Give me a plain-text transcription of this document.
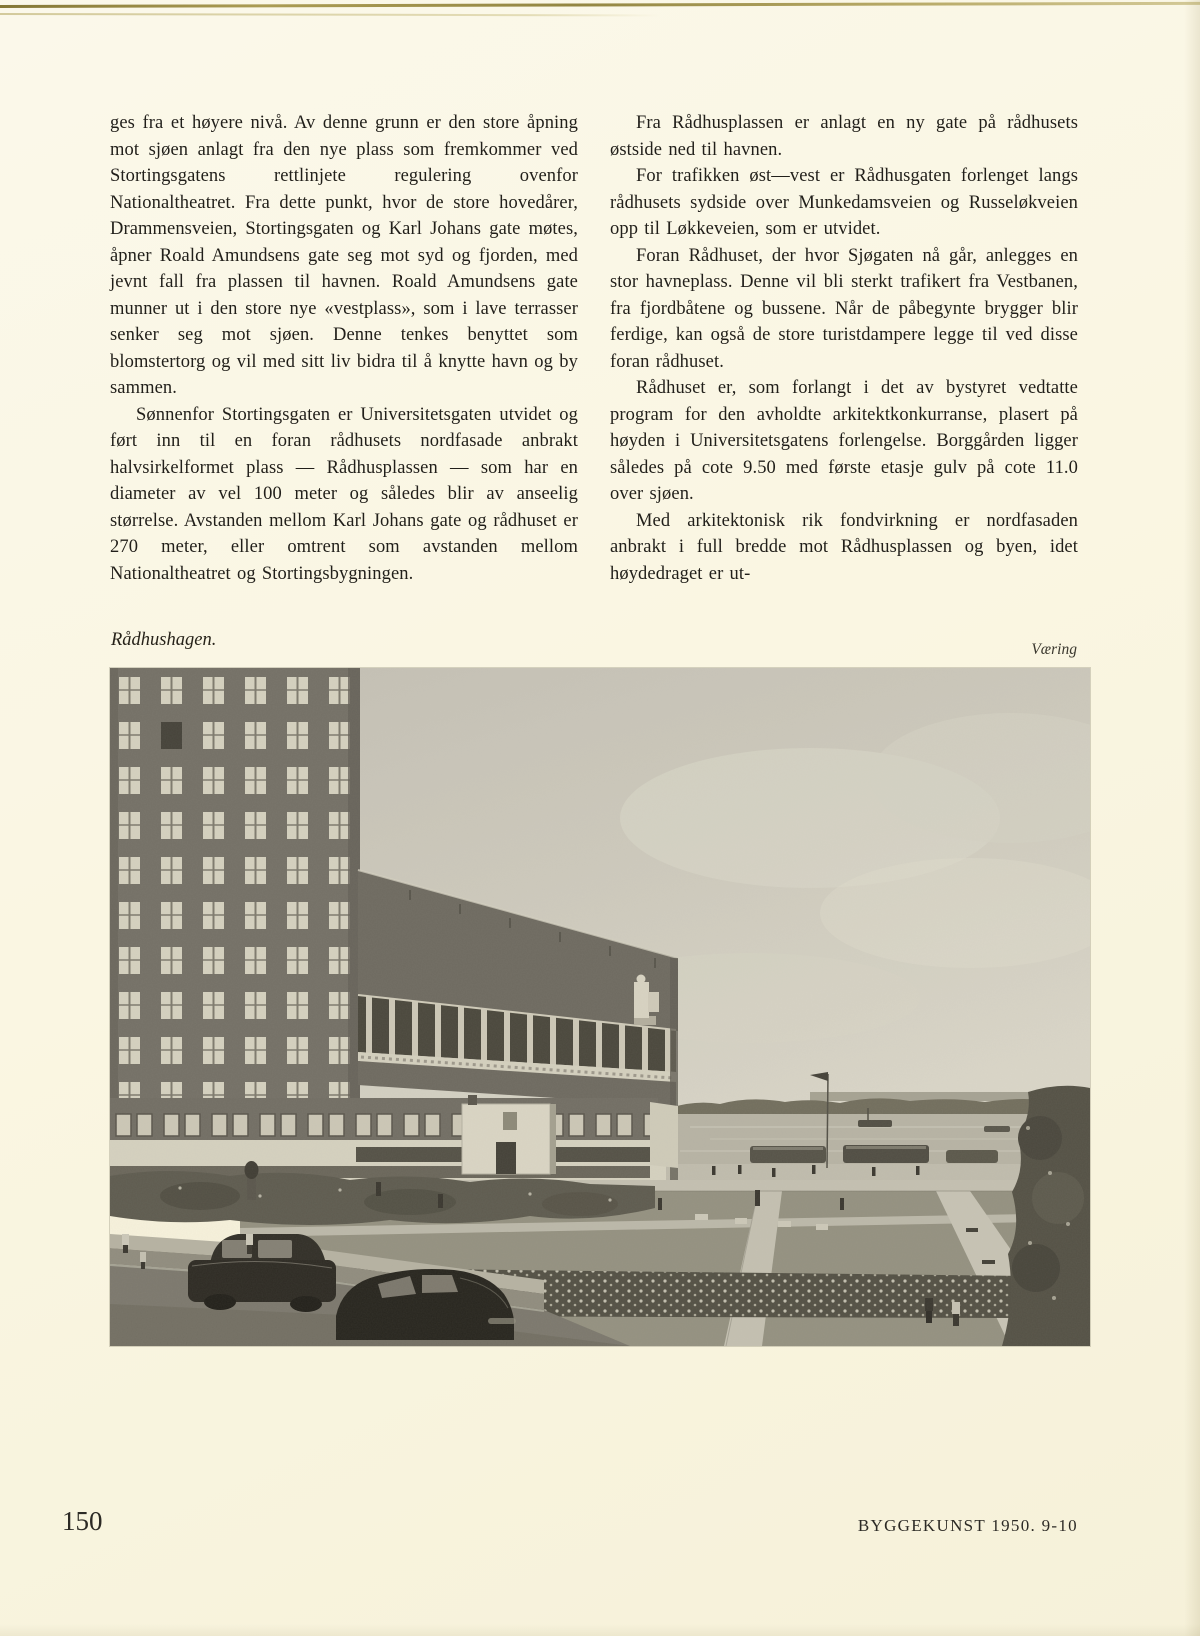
ges fra et høyere nivå. Av denne grunn er den store åpning mot sjøen anlagt fra den nye plass som fremkommer ved Stortingsgatens rettlinjete regulering ovenfor Nationaltheatret. Fra dette punkt, hvor de store hovedårer, Drammensveien, Stortingsgaten og Karl Johans gate møtes, åpner Roald Amundsens gate seg mot syd og fjorden, med jevnt fall fra plassen til havnen. Roald Amundsens gate munner ut i den store nye «vestplass», som i lave terrasser senker seg mot sjøen. Denne tenkes benyttet som blomstertorg og vil med sitt liv bidra til å knytte havn og by sammen.

Sønnenfor Stortingsgaten er Universitetsgaten utvidet og ført inn til en foran rådhusets nordfasade anbrakt halvsirkelformet plass — Rådhusplassen — som har en diameter av vel 100 meter og således blir av anseelig størrelse. Avstanden mellom Karl Johans gate og rådhuset er 270 meter, eller omtrent som avstanden mellom Nationaltheatret og Stortingsbygningen.

Fra Rådhusplassen er anlagt en ny gate på rådhusets østside ned til havnen.

For trafikken øst—vest er Rådhusgaten forlenget langs rådhusets sydside over Munkedamsveien og Russeløkveien opp til Løkkeveien, som er utvidet.

Foran Rådhuset, der hvor Sjøgaten nå går, anlegges en stor havneplass. Denne vil bli sterkt trafikert fra Vestbanen, fra fjordbåtene og bussene. Når de påbegynte brygger blir ferdige, kan også de store turistdampere legge til ved disse foran rådhuset.

Rådhuset er, som forlangt i det av bystyret vedtatte program for den avholdte arkitektkonkurranse, plasert på høyden i Universitetsgatens forlengelse. Borggården ligger således på cote 9.50 med første etasje gulv på cote 11.0 over sjøen.

Med arkitektonisk rik fondvirkning er nordfasaden anbrakt i full bredde mot Rådhusplassen og byen, idet høydedraget er ut-

Rådhushagen.	Væring
150	BYGGEKUNST 1950. 9-10
